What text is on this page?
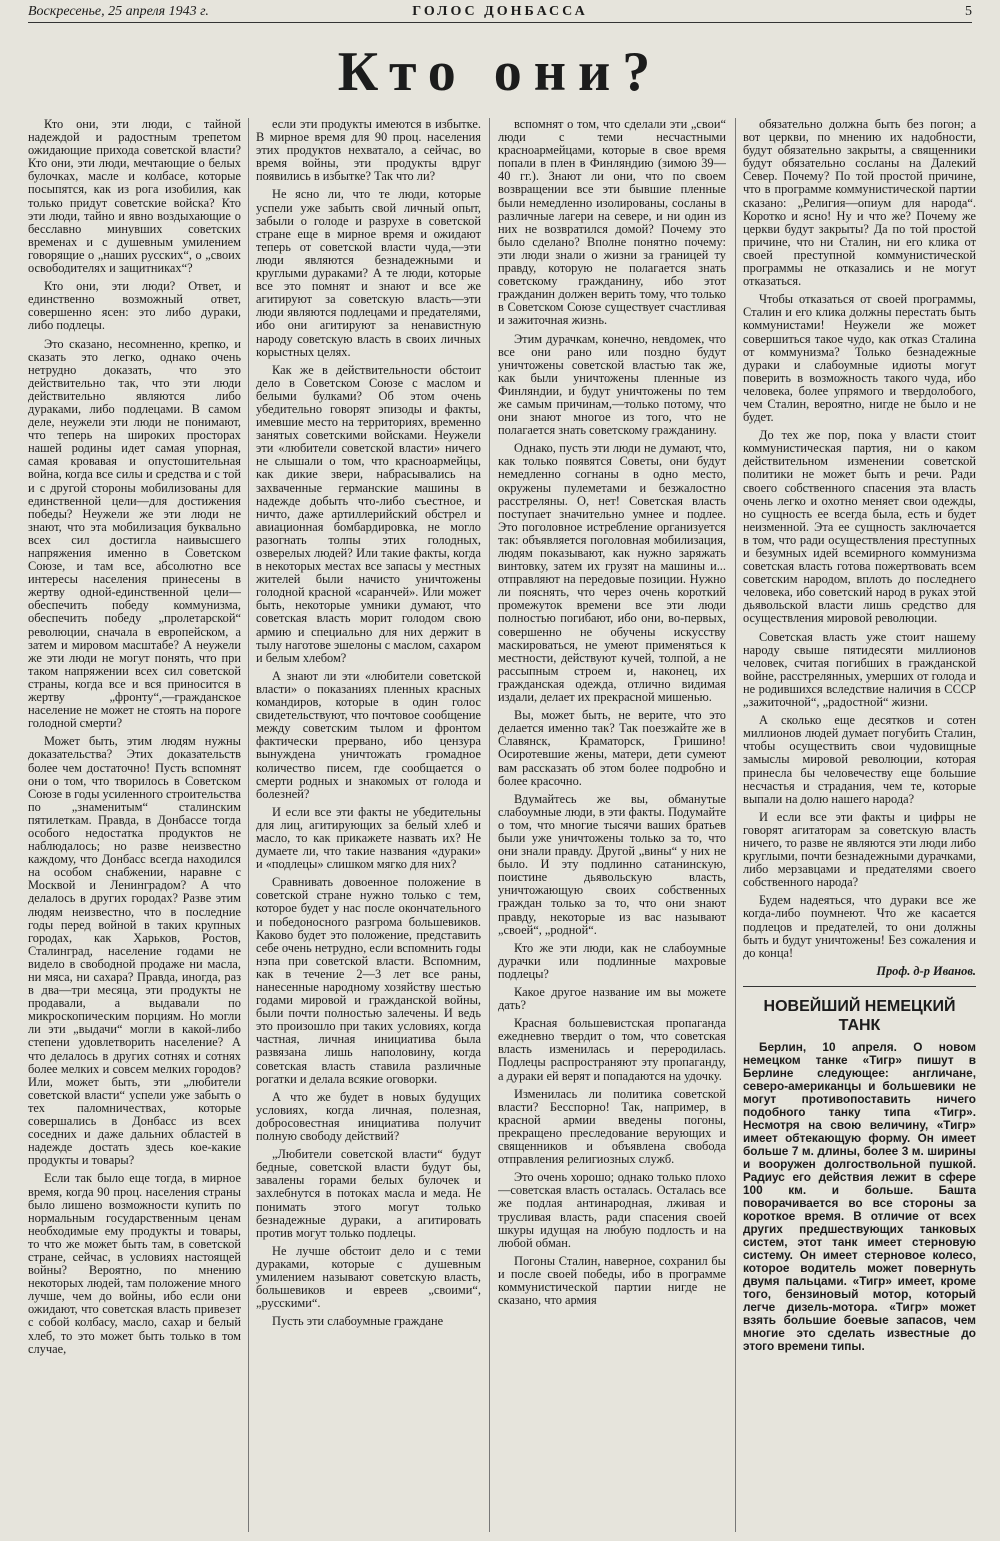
Воскресенье, 25 апреля 1943 г.	ГОЛОС ДОНБАССА	5
Кто они?

Кто они, эти люди, с тайной надеждой и радостным трепетом ожидающие прихода советской власти? Кто они, эти люди, мечтающие о белых булочках, масле и колбасе, которые посыпятся, как из рога изобилия, как только придут советские войска? Кто эти люди, тайно и явно воздыхающие о бесславно минувших советских временах и с душевным умилением говорящие о „наших русских“, о „своих освободителях и защитниках“?

Кто они, эти люди? Ответ, и единственно возможный ответ, совершенно ясен: это либо дураки, либо подлецы.

Это сказано, несомненно, крепко, и сказать это легко, однако очень нетрудно доказать, что это действительно так, что эти люди действительно являются либо дураками, либо подлецами. В самом деле, неужели эти люди не понимают, что теперь на широких просторах нашей родины идет самая упорная, самая кровавая и опустошительная война, когда все силы и средства и с той и с другой стороны мобилизованы для единственной цели—для достижения победы? Неужели же эти люди не знают, что эта мобилизация буквально всех сил достигла наивысшего напряжения именно в Советском Союзе, и там все, абсолютно все интересы населения принесены в жертву одной-единственной цели—обеспечить победу коммунизма, обеспечить победу „пролетарской“ революции, сначала в европейском, а затем и мировом масштабе? А неужели же эти люди не могут понять, что при таком напряжении всех сил советской страны, когда все и вся приносится в жертву „фронту“,—гражданское население не может не стоять на пороге голодной смерти?

Может быть, этим людям нужны доказательства? Этих доказательств более чем достаточно! Пусть вспомнят они о том, что творилось в Советском Союзе в годы усиленного строительства по „знаменитым“ сталинским пятилеткам. Правда, в Донбассе тогда особого недостатка продуктов не наблюдалось; но разве неизвестно каждому, что Донбасс всегда находился на особом снабжении, наравне с Москвой и Ленинградом? А что делалось в других городах? Разве этим людям неизвестно, что в последние годы перед войной в таких крупных городах, как Харьков, Ростов, Сталинград, население годами не видело в свободной продаже ни масла, ни мяса, ни сахара? Правда, иногда, раз в два—три месяца, эти продукты не продавали, а выдавали по микроскопическим порциям. Но могли ли эти „выдачи“ могли в какой-либо степени удовлетворить население? А что делалось в других сотнях и сотнях более мелких и совсем мелких городов? Или, может быть, эти „любители советской власти“ успели уже забыть о тех паломничествах, которые совершались в Донбасс из всех соседних и даже дальних областей в надежде достать здесь кое-какие продукты и товары?

Если так было еще тогда, в мирное время, когда 90 проц. населения страны было лишено возможности купить по нормальным государственным ценам необходимые ему продукты и товары, то что же может быть там, в советской стране, сейчас, в условиях настоящей войны? Вероятно, по мнению некоторых людей, там положение много лучше, чем до войны, ибо если они ожидают, что советская власть привезет с собой колбасу, масло, сахар и белый хлеб, то это может быть только в том случае,

если эти продукты имеются в избытке. В мирное время для 90 проц. населения этих продуктов нехватало, а сейчас, во время войны, эти продукты вдруг появились в избытке? Так что ли?

Не ясно ли, что те люди, которые успели уже забыть свой личный опыт, забыли о голоде и разрухе в советской стране еще в мирное время и ожидают теперь от советской власти чуда,—эти люди являются безнадежными и круглыми дураками? А те люди, которые все это помнят и знают и все же агитируют за советскую власть—эти люди являются подлецами и предателями, ибо они агитируют за ненавистную народу советскую власть в своих личных корыстных целях.

Как же в действительности обстоит дело в Советском Союзе с маслом и белыми булками? Об этом очень убедительно говорят эпизоды и факты, имевшие место на территориях, временно занятых советскими войсками. Неужели эти «любители советской власти» ничего не слышали о том, что красноармейцы, как дикие звери, набрасывались на захваченные германские машины в надежде добыть что-либо съестное, и ничто, даже артиллерийский обстрел и авиационная бомбардировка, не могло разогнать толпы этих голодных, озверелых людей? Или такие факты, когда в некоторых местах все запасы у местных жителей были начисто уничтожены голодной красной «саранчей». Или может быть, некоторые умники думают, что советская власть морит голодом свою армию и специально для них держит в тылу наготове эшелоны с маслом, сахаром и белым хлебом?

А знают ли эти «любители советской власти» о показаниях пленных красных командиров, которые в один голос свидетельствуют, что почтовое сообщение между советским тылом и фронтом фактически прервано, ибо цензура вынуждена уничтожать громадное количество писем, где сообщается о смерти родных и знакомых от голода и болезней?

И если все эти факты не убедительны для лиц, агитирующих за белый хлеб и масло, то как прикажете назвать их? Не думаете ли, что такие названия «дураки» и «подлецы» слишком мягко для них?

Сравнивать довоенное положение в советской стране нужно только с тем, которое будет у нас после окончательного и победоносного разгрома большевиков. Каково будет это положение, представить себе очень нетрудно, если вспомнить годы нэпа при советской власти. Вспомним, как в течение 2—3 лет все раны, нанесенные народному хозяйству шестью годами мировой и гражданской войны, были почти полностью залечены. И ведь это произошло при таких условиях, когда частная, личная инициатива была развязана лишь наполовину, когда советская власть ставила различные рогатки и делала всякие оговорки.

А что же будет в новых будущих условиях, когда личная, полезная, добросовестная инициатива получит полную свободу действий?

„Любители советской власти“ будут бедные, советской власти будут бы, завалены горами белых булочек и захлебнутся в потоках масла и меда. Не понимать этого могут только безнадежные дураки, а агитировать против могут только подлецы.

Не лучше обстоит дело и с теми дураками, которые с душевным умилением называют советскую власть, большевиков и евреев „своими“, „русскими“.

Пусть эти слабоумные граждане

вспомнят о том, что сделали эти „свои“ люди с теми несчастными красноармейцами, которые в свое время попали в плен в Финляндию (зимою 39—40 гг.). Знают ли они, что по своем возвращении все эти бывшие пленные были немедленно изолированы, сосланы в различные лагери на севере, и ни один из них не возвратился домой? Почему это было сделано? Вполне понятно почему: эти люди знали о жизни за границей ту правду, которую не полагается знать советскому гражданину, ибо этот гражданин должен верить тому, что только в Советском Союзе существует счастливая и зажиточная жизнь.

Этим дурачкам, конечно, невдомек, что все они рано или поздно будут уничтожены советской властью так же, как были уничтожены пленные из Финляндии, и будут уничтожены по тем же самым причинам,—только потому, что они знают многое из того, что не полагается знать советскому гражданину.

Однако, пусть эти люди не думают, что, как только появятся Советы, они будут немедленно согнаны в одно место, окружены пулеметами и безжалостно расстреляны. О, нет! Советская власть поступает значительно умнее и подлее. Это поголовное истребление организуется так: объявляется поголовная мобилизация, людям показывают, как нужно заряжать винтовку, затем их грузят на машины и... отправляют на передовые позиции. Нужно ли пояснять, что через очень короткий промежуток времени все эти люди полностью погибают, ибо они, во-первых, совершенно не обучены искусству маскироваться, не умеют применяться к местности, действуют кучей, толпой, а не рассыпным строем и, наконец, их гражданская одежда, отлично видимая издали, делает их прекрасной мишенью.

Вы, может быть, не верите, что это делается именно так? Так поезжайте же в Славянск, Краматорск, Гришино! Осиротевшие жены, матери, дети сумеют вам рассказать об этом более подробно и более красочно.

Вдумайтесь же вы, обманутые слабоумные люди, в эти факты. Подумайте о том, что многие тысячи ваших братьев были уже уничтожены только за то, что они знали правду. Другой „вины“ у них не было. И эту подлинно сатанинскую, поистине дьявольскую власть, уничтожающую своих собственных граждан только за то, что они знают правду, некоторые из вас называют „своей“, „родной“.

Кто же эти люди, как не слабоумные дурачки или подлинные махровые подлецы?

Какое другое название им вы можете дать?

Красная большевистская пропаганда ежедневно твердит о том, что советская власть изменилась и переродилась. Подлецы распространяют эту пропаганду, а дураки ей верят и попадаются на удочку.

Изменилась ли политика советской власти? Бесспорно! Так, например, в красной армии введены погоны, прекращено преследование верующих и священников и объявлена свобода отправления религиозных служб.

Это очень хорошо; однако только плохо—советская власть осталась. Осталась все же подлая антинародная, лживая и трусливая власть, ради спасения своей шкуры идущая на любую подлость и на любой обман.

Погоны Сталин, наверное, сохранил бы и после своей победы, ибо в программе коммунистической партии нигде не сказано, что армия

обязательно должна быть без погон; а вот церкви, по мнению их надобности, будут обязательно закрыты, а священники будут обязательно сосланы на Далекий Север. Почему? По той простой причине, что в программе коммунистической партии сказано: „Религия—опиум для народа“. Коротко и ясно! Ну и что же? Почему же церкви будут закрыты? Да по той простой причине, что ни Сталин, ни его клика от своей преступной коммунистической программы не отказались и не могут отказаться.

Чтобы отказаться от своей программы, Сталин и его клика должны перестать быть коммунистами! Неужели же может совершиться такое чудо, как отказ Сталина от коммунизма? Только безнадежные дураки и слабоумные идиоты могут поверить в возможность такого чуда, ибо человека, более упрямого и твердолобого, чем Сталин, вероятно, нигде не было и не будет.

До тех же пор, пока у власти стоит коммунистическая партия, ни о каком действительном изменении советской политики не может быть и речи. Ради своего собственного спасения эта власть очень легко и охотно меняет свои одежды, но сущность ее всегда была, есть и будет неизменной. Эта ее сущность заключается в том, что ради осуществления преступных и безумных идей всемирного коммунизма советская власть готова пожертвовать всем советским народом, вплоть до последнего человека, ибо советский народ в руках этой дьявольской власти лишь средство для осуществления мировой революции.

Советская власть уже стоит нашему народу свыше пятидесяти миллионов человек, считая погибших в гражданской войне, расстрелянных, умерших от голода и не родившихся вследствие наличия в СССР „зажиточной“, „радостной“ жизни.

А сколько еще десятков и сотен миллионов людей думает погубить Сталин, чтобы осуществить свои чудовищные замыслы мировой революции, которая принесла бы человечеству еще большие несчастья и страдания, чем те, которые выпали на долю нашего народа?

И если все эти факты и цифры не говорят агитаторам за советскую власть ничего, то разве не являются эти люди либо круглыми, почти безнадежными дурачками, либо мерзавцами и предателями своего собственного народа?

Будем надеяться, что дураки все же когда-либо поумнеют. Что же касается подлецов и предателей, то они должны быть и будут уничтожены! Без сожаления и до конца!

Проф. д-р Иванов.
НОВЕЙШИЙ НЕМЕЦКИЙ ТАНК

Берлин, 10 апреля. О новом немецком танке «Тигр» пишут в Берлине следующее: англичане, северо-американцы и большевики не могут противопоставить ничего подобного танку типа «Тигр». Несмотря на свою величину, «Тигр» имеет обтекающую форму. Он имеет больше 7 м. длины, более 3 м. ширины и вооружен долгоствольной пушкой. Радиус его действия лежит в сфере 100 км. и больше. Башта поворачивается во все стороны за короткое время. В отличие от всех других предшествующих танковых систем, этот танк имеет стерновую систему. Он имеет стерновое колесо, которое водитель может повернуть двумя пальцами. «Тигр» имеет, кроме того, бензиновый мотор, который легче дизель-мотора. «Тигр» может взять большие боевые запасов, чем многие это сделать известные до этого времени типы.
